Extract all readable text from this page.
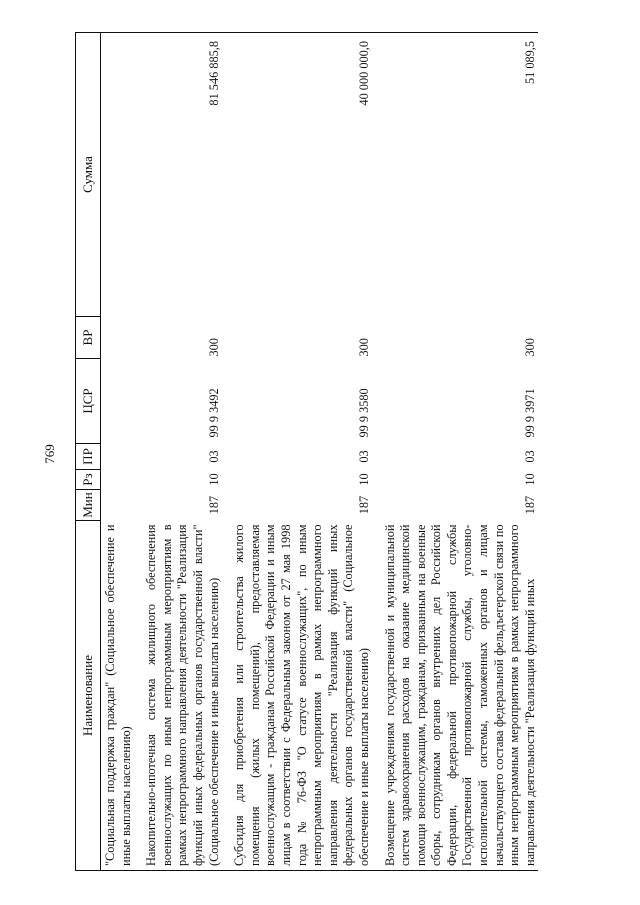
769
Наименование	Мин	Рз	ПР	ЦСР	ВР	Сумма
"Социальная поддержка граждан" (Социальное обеспечение и иные выплаты населению)						
Накопительно-ипотечная система жилищного обеспечения военнослужащих по иным непрограммным мероприятиям в рамках непрограммного направления деятельности "Реализация функций иных федеральных органов государственной власти" (Социальное обеспечение и иные выплаты населению)	187	10	03	99 9 3492	300	81 546 885,8
Субсидия для приобретения или строительства жилого помещения (жилых помещений), предоставляемая военнослужащим - гражданам Российской Федерации и иным лицам в соответствии с Федеральным законом от 27 мая 1998 года № 76-ФЗ "О статусе военнослужащих", по иным непрограммным мероприятиям в рамках непрограммного направления деятельности "Реализация функций иных федеральных органов государственной власти" (Социальное обеспечение и иные выплаты населению)	187	10	03	99 9 3580	300	40 000 000,0
Возмещение учреждениям государственной и муниципальной систем здравоохранения расходов на оказание медицинской помощи военнослужащим, гражданам, призванным на военные сборы, сотрудникам органов внутренних дел Российской Федерации, федеральной противопожарной службы Государственной противопожарной службы, уголовно-исполнительной системы, таможенных органов и лицам начальствующего состава федеральной фельдъегерской связи по иным непрограммным мероприятиям в рамках непрограммного направления деятельности "Реализация функций иных	187	10	03	99 9 3971	300	51 089,5
